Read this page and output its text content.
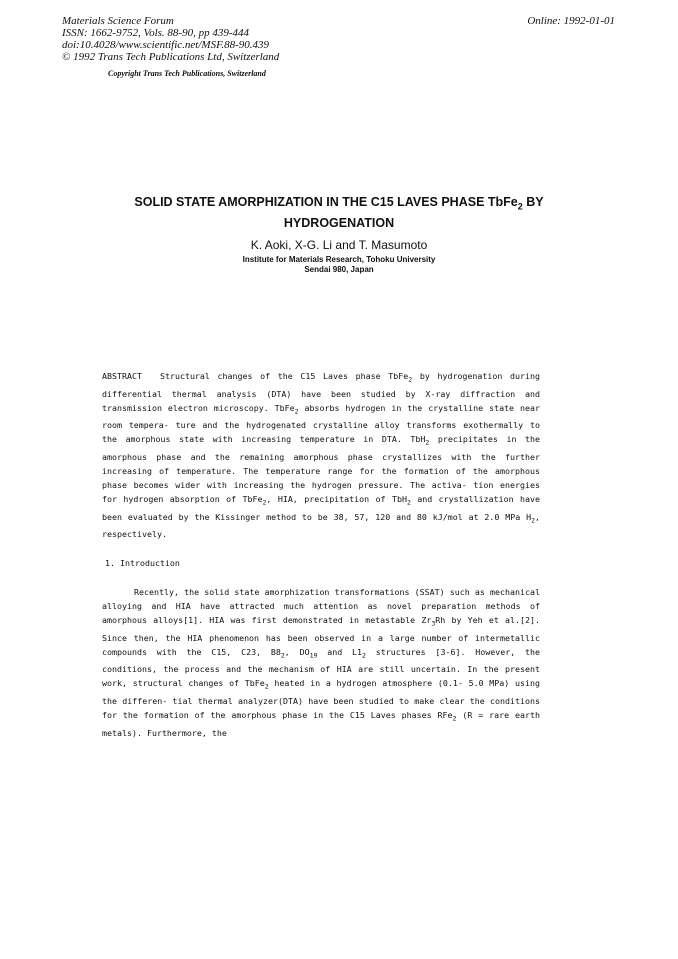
Materials Science Forum
ISSN: 1662-9752, Vols. 88-90, pp 439-444
doi:10.4028/www.scientific.net/MSF.88-90.439
© 1992 Trans Tech Publications Ltd, Switzerland
Online: 1992-01-01
Copyright Trans Tech Publications, Switzerland
SOLID STATE AMORPHIZATION IN THE C15 LAVES PHASE TbFe$_2$ BY
HYDROGENATION
K. Aoki, X-G. Li and T. Masumoto
Institute for Materials Research, Tohoku University
Sendai 980, Japan
ABSTRACT Structural changes of the C15 Laves phase TbFe$_2$ by hydrogenation during differential thermal analysis (DTA) have been studied by X-ray diffraction and transmission electron microscopy. TbFe$_2$ absorbs hydrogen in the crystalline state near room tempera- ture and the hydrogenated crystalline alloy transforms exothermally to the amorphous state with increasing temperature in DTA. TbH$_2$ precipitates in the amorphous phase and the remaining amorphous phase crystallizes with the further increasing of temperature. The temperature range for the formation of the amorphous phase becomes wider with increasing the hydrogen pressure. The activa- tion energies for hydrogen absorption of TbFe$_2$, HIA, precipitation of TbH$_2$ and crystallization have been evaluated by the Kissinger method to be 38, 57, 120 and 80 kJ/mol at 2.0 MPa $H_2$, respectively.
1. Introduction
Recently, the solid state amorphization transformations (SSAT) such as mechanical alloying and HIA have attracted much attention as novel preparation methods of amorphous alloys[1]. HIA was first demonstrated in metastable $Zr_3Rh$ by Yeh et al.[2]. Since then, the HIA phenomenon has been observed in a large number of intermetallic compounds with the C15, C23, $B8_2$, $DO_{19}$ and $L1_2$ structures [3-6]. However, the conditions, the process and the mechanism of HIA are still uncertain. In the present work, structural changes of TbFe$_2$ heated in a hydrogen atmosphere (0.1- 5.0 MPa) using the differen- tial thermal analyzer(DTA) have been studied to make clear the conditions for the formation of the amorphous phase in the C15 Laves phases RFe$_2$ (R = rare earth metals). Furthermore, the
